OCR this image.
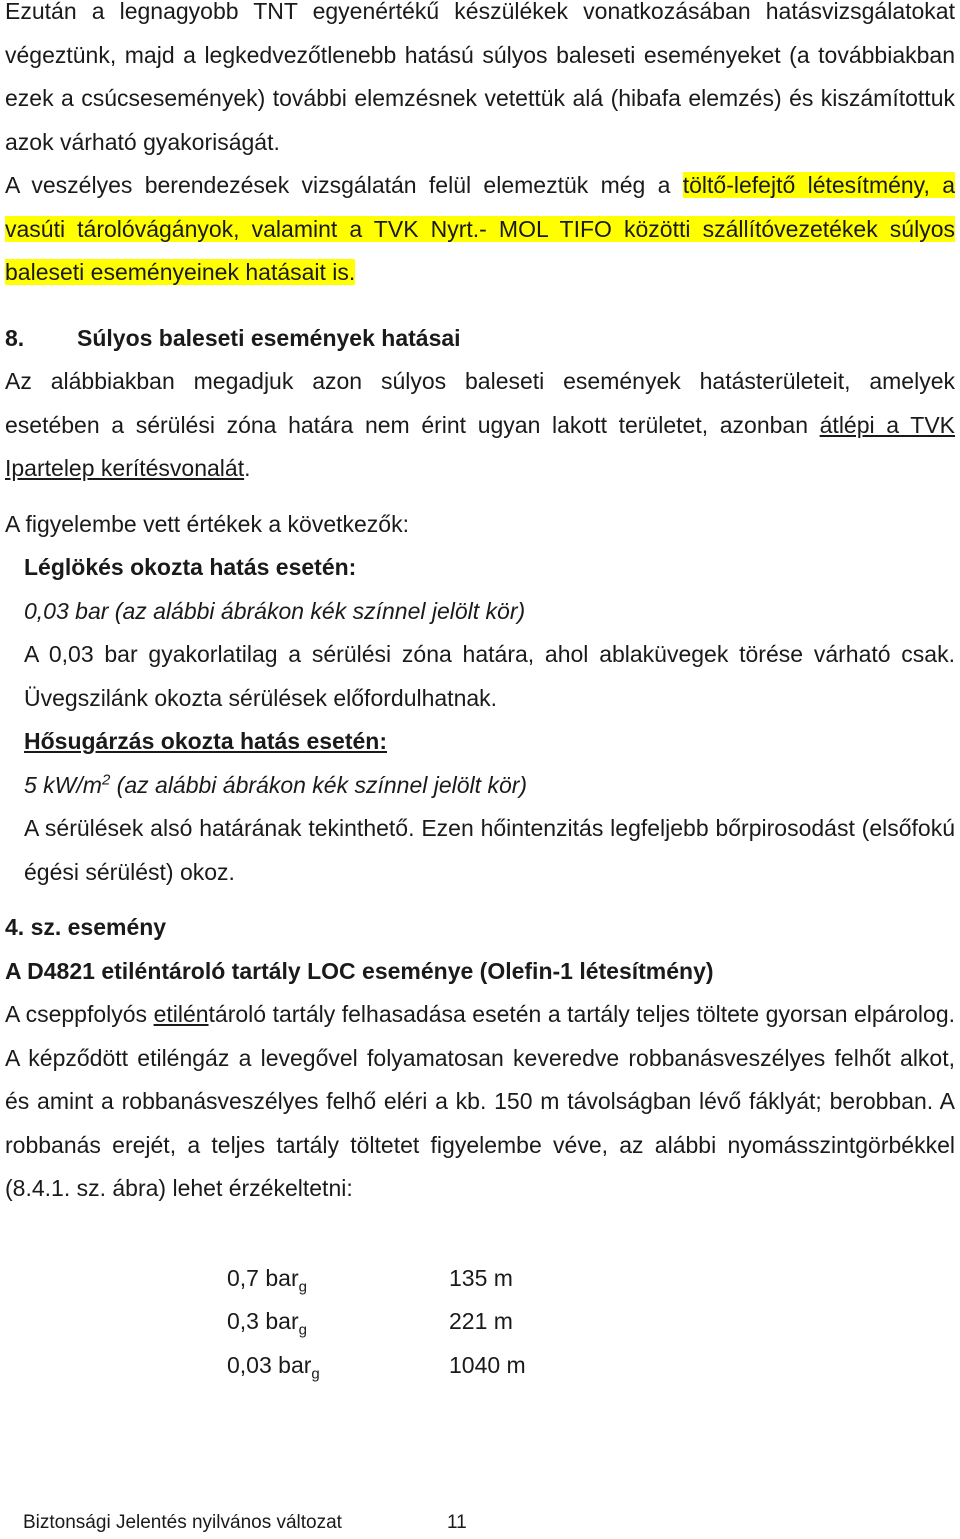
Ezután a legnagyobb TNT egyenértékű készülékek vonatkozásában hatásvizsgálatokat végeztünk, majd a legkedvezőtlenebb hatású súlyos baleseti eseményeket (a továbbiakban ezek a csúcsesemények) további elemzésnek vetettük alá (hibafa elemzés) és kiszámítottuk azok várható gyakoriságát.

A veszélyes berendezések vizsgálatán felül elemeztük még a töltő-lefejtő létesítmény, a vasúti tárolóvágányok, valamint a TVK Nyrt.- MOL TIFO közötti szállítóvezetékek súlyos baleseti eseményeinek hatásait is.

8. Súlyos baleseti események hatásai

Az alábbiakban megadjuk azon súlyos baleseti események hatásterületeit, amelyek esetében a sérülési zóna határa nem érint ugyan lakott területet, azonban átlépi a TVK Ipartelep kerítésvonalát.

A figyelembe vett értékek a következők:

Léglökés okozta hatás esetén:

0,03 bar (az alábbi ábrákon kék színnel jelölt kör)

A 0,03 bar gyakorlatilag a sérülési zóna határa, ahol ablaküvegek törése várható csak. Üvegszilánk okozta sérülések előfordulhatnak.

Hősugárzás okozta hatás esetén:

5 $kW/m^2$ (az alábbi ábrákon kék színnel jelölt kör)

A sérülések alsó határának tekinthető. Ezen hőintenzitás legfeljebb bőrpirosodást (elsőfokú égési sérülést) okoz.

4. sz. esemény

A D4821 etiléntároló tartály LOC eseménye (Olefin-1 létesítmény)

A cseppfolyós etiléntároló tartály felhasadása esetén a tartály teljes töltete gyorsan elpárolog. A képződött etiléngáz a levegővel folyamatosan keveredve robbanásveszélyes felhőt alkot, és amint a robbanásveszélyes felhő eléri a kb. 150 m távolságban lévő fáklyát; berobban. A robbanás erejét, a teljes tartály töltetet figyelembe véve, az alábbi nyomásszintgörbékkel (8.4.1. sz. ábra) lehet érzékeltetni:

0,7 bar$_g$	135 m
0,3 bar$_g$	221 m
0,03 bar$_g$	1040 m
Biztonsági Jelentés nyilvános változat	11
